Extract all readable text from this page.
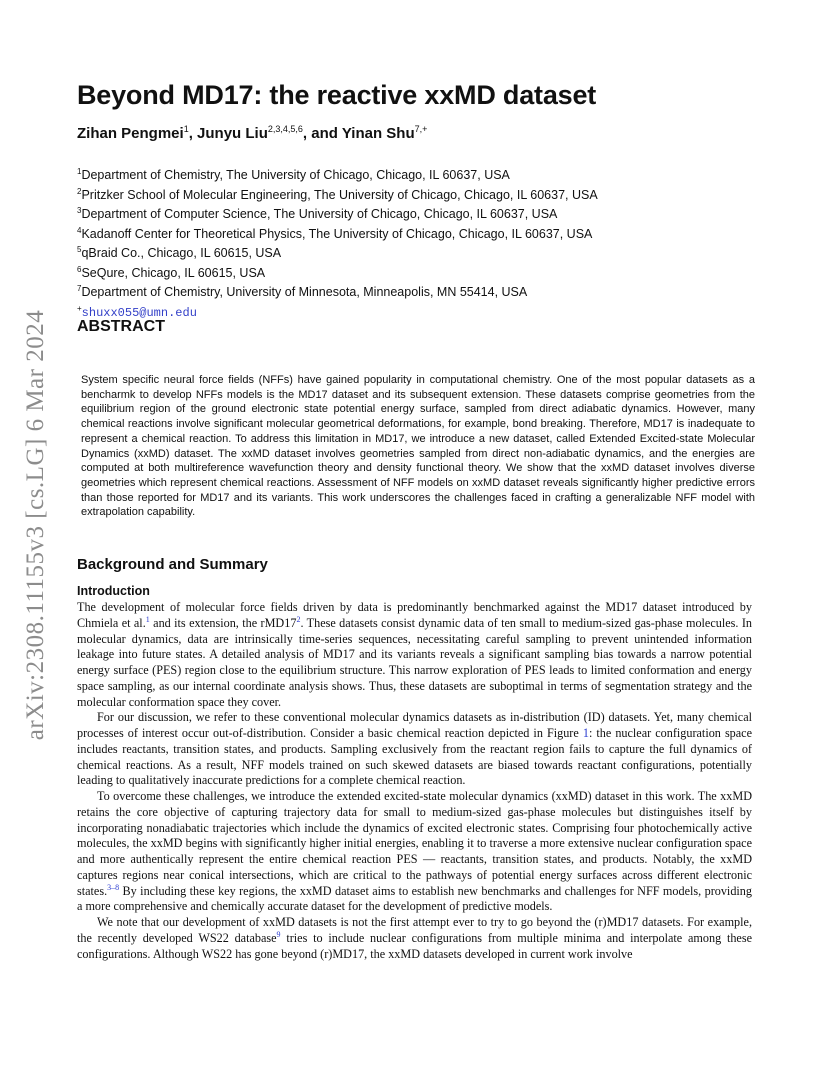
arXiv:2308.11155v3 [cs.LG] 6 Mar 2024
Beyond MD17: the reactive xxMD dataset
Zihan Pengmei$^1$, Junyu Liu$^{2,3,4,5,6}$, and Yinan Shu$^{7,+}$
$^1$Department of Chemistry, The University of Chicago, Chicago, IL 60637, USA
$^2$Pritzker School of Molecular Engineering, The University of Chicago, Chicago, IL 60637, USA
$^3$Department of Computer Science, The University of Chicago, Chicago, IL 60637, USA
$^4$Kadanoff Center for Theoretical Physics, The University of Chicago, Chicago, IL 60637, USA
$^5$qBraid Co., Chicago, IL 60615, USA
$^6$SeQure, Chicago, IL 60615, USA
$^7$Department of Chemistry, University of Minnesota, Minneapolis, MN 55414, USA
+shuxx055@umn.edu
ABSTRACT

System specific neural force fields (NFFs) have gained popularity in computational chemistry. One of the most popular datasets as a bencharmk to develop NFFs models is the MD17 dataset and its subsequent extension. These datasets comprise geometries from the equilibrium region of the ground electronic state potential energy surface, sampled from direct adiabatic dynamics. However, many chemical reactions involve significant molecular geometrical deformations, for example, bond breaking. Therefore, MD17 is inadequate to represent a chemical reaction. To address this limitation in MD17, we introduce a new dataset, called Extended Excited-state Molecular Dynamics (xxMD) dataset. The xxMD dataset involves geometries sampled from direct non-adiabatic dynamics, and the energies are computed at both multireference wavefunction theory and density functional theory. We show that the xxMD dataset involves diverse geometries which represent chemical reactions. Assessment of NFF models on xxMD dataset reveals significantly higher predictive errors than those reported for MD17 and its variants. This work underscores the challenges faced in crafting a generalizable NFF model with extrapolation capability.

Background and Summary
Introduction

The development of molecular force fields driven by data is predominantly benchmarked against the MD17 dataset introduced by Chmiela et al.$^1$ and its extension, the rMD17$^2$. These datasets consist dynamic data of ten small to medium-sized gas-phase molecules. In molecular dynamics, data are intrinsically time-series sequences, necessitating careful sampling to prevent unintended information leakage into future states. A detailed analysis of MD17 and its variants reveals a significant sampling bias towards a narrow potential energy surface (PES) region close to the equilibrium structure. This narrow exploration of PES leads to limited conformation and energy space sampling, as our internal coordinate analysis shows. Thus, these datasets are suboptimal in terms of segmentation strategy and the molecular conformation space they cover.

For our discussion, we refer to these conventional molecular dynamics datasets as in-distribution (ID) datasets. Yet, many chemical processes of interest occur out-of-distribution. Consider a basic chemical reaction depicted in Figure 1: the nuclear configuration space includes reactants, transition states, and products. Sampling exclusively from the reactant region fails to capture the full dynamics of chemical reactions. As a result, NFF models trained on such skewed datasets are biased towards reactant configurations, potentially leading to qualitatively inaccurate predictions for a complete chemical reaction.

To overcome these challenges, we introduce the extended excited-state molecular dynamics (xxMD) dataset in this work. The xxMD retains the core objective of capturing trajectory data for small to medium-sized gas-phase molecules but distinguishes itself by incorporating nonadiabatic trajectories which include the dynamics of excited electronic states. Comprising four photochemically active molecules, the xxMD begins with significantly higher initial energies, enabling it to traverse a more extensive nuclear configuration space and more authentically represent the entire chemical reaction PES — reactants, transition states, and products. Notably, the xxMD captures regions near conical intersections, which are critical to the pathways of potential energy surfaces across different electronic states.$^{3-8}$ By including these key regions, the xxMD dataset aims to establish new benchmarks and challenges for NFF models, providing a more comprehensive and chemically accurate dataset for the development of predictive models.

We note that our development of xxMD datasets is not the first attempt ever to try to go beyond the (r)MD17 datasets. For example, the recently developed WS22 database$^9$ tries to include nuclear configurations from multiple minima and interpolate among these configurations. Although WS22 has gone beyond (r)MD17, the xxMD datasets developed in current work involve
